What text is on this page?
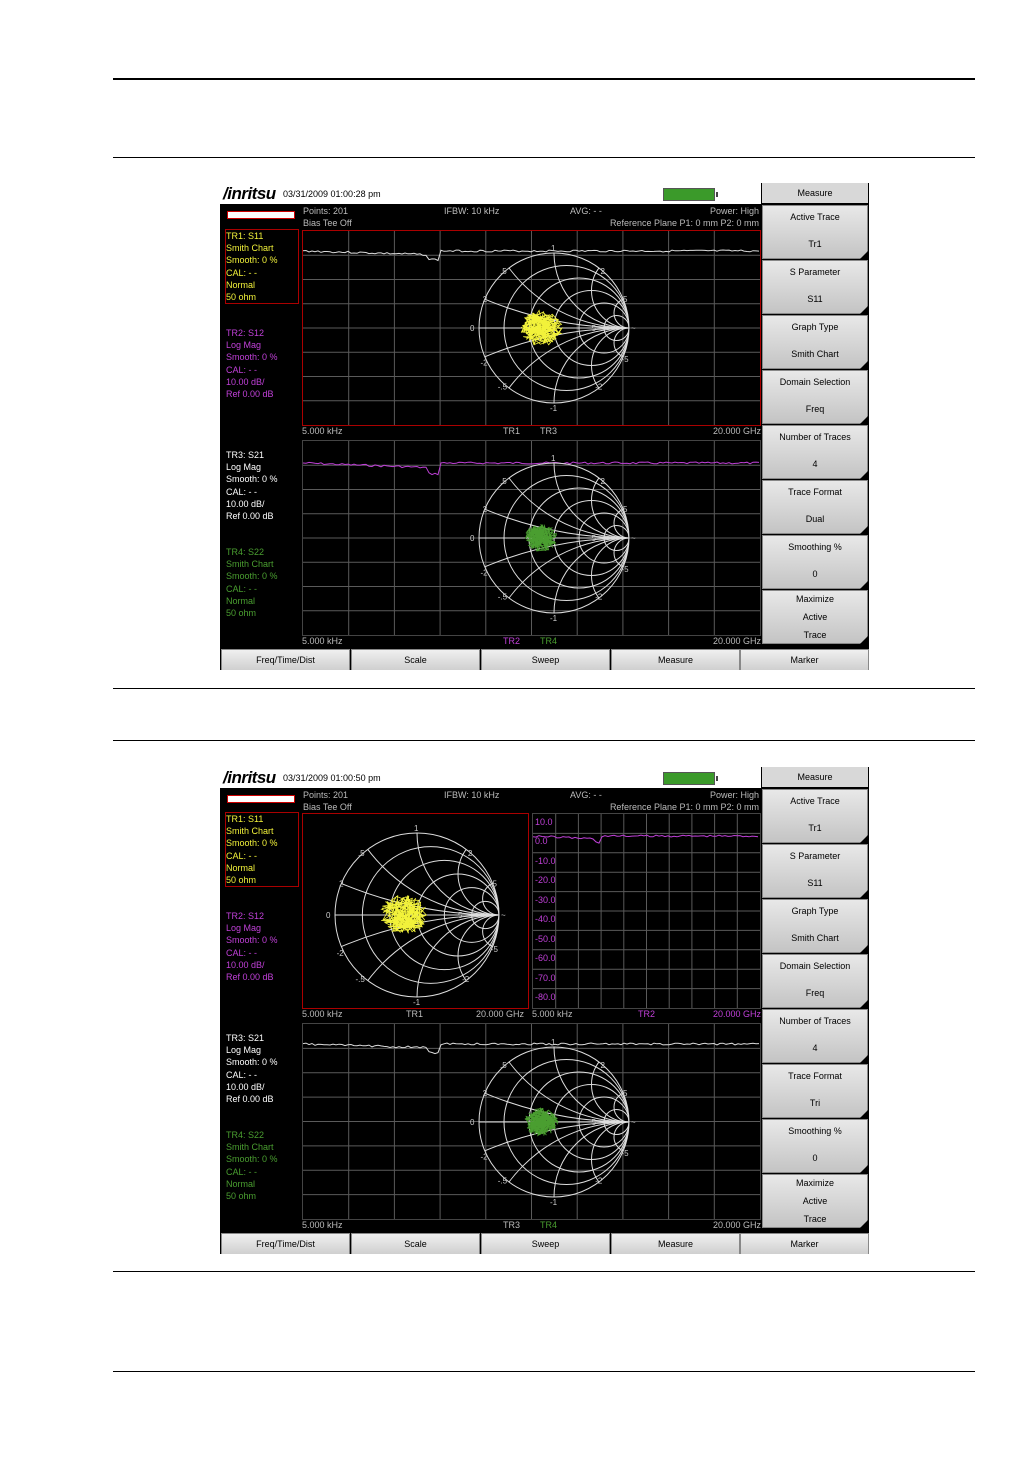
/inritsu 03/31/2009 01:00:28 pm
Points: 201
Bias Tee Off
IFBW: 10 kHz	AVG: - -	Power: High
Reference Plane P1: 0 mm P2: 0 mm
TR1: S11
Smith Chart
Smooth: 0 %
CAL: - -
Normal
50 ohm
TR2: S12
Log Mag
Smooth: 0 %
CAL: - -
10.00 dB/
Ref 0.00 dB
TR3: S21
Log Mag
Smooth: 0 %
CAL: - -
10.00 dB/
Ref 0.00 dB
TR4: S22
Smith Chart
Smooth: 0 %
CAL: - -
Normal
50 ohm
1
2
5
.5
-1
-2
-5
-.5
0
2
-2
5	~
5.000 kHz	TR1 TR3	20.000 GHz
1
2
5
.5
-1
-2
-5
-.5
0
2
-2
5	~
5.000 kHz	TR2 TR4	20.000 GHz
Measure
Active Trace
Tr1
S Parameter
S11
Graph Type
Smith Chart
Domain Selection
Freq
Number of Traces
4
Trace Format
Dual
Smoothing %
0
Maximize
Active
Trace
Freq/Time/Dist	Scale	Sweep	Measure	Marker
/inritsu 03/31/2009 01:00:50 pm
Points: 201
Bias Tee Off
IFBW: 10 kHz	AVG: - -	Power: High
Reference Plane P1: 0 mm P2: 0 mm
TR1: S11
Smith Chart
Smooth: 0 %
CAL: - -
Normal
50 ohm
TR2: S12
Log Mag
Smooth: 0 %
CAL: - -
10.00 dB/
Ref 0.00 dB
TR3: S21
Log Mag
Smooth: 0 %
CAL: - -
10.00 dB/
Ref 0.00 dB
TR4: S22
Smith Chart
Smooth: 0 %
CAL: - -
Normal
50 ohm
1
2
5
.5
-1
-2
-5
-.5
0
2
-2
5	~
5.000 kHz	TR1	20.000 GHz
10.0
0.0
-10.0
-20.0
-30.0
-40.0
-50.0
-60.0
-70.0
-80.0
5.000 kHz	TR2	20.000 GHz
1
2
5
.5
-1
-2
-5
-.5
0
2
-2
5	~
5.000 kHz	TR3 TR4	20.000 GHz
Measure
Active Trace
Tr1
S Parameter
S11
Graph Type
Smith Chart
Domain Selection
Freq
Number of Traces
4
Trace Format
Tri
Smoothing %
0
Maximize
Active
Trace
Freq/Time/Dist	Scale	Sweep	Measure	Marker
